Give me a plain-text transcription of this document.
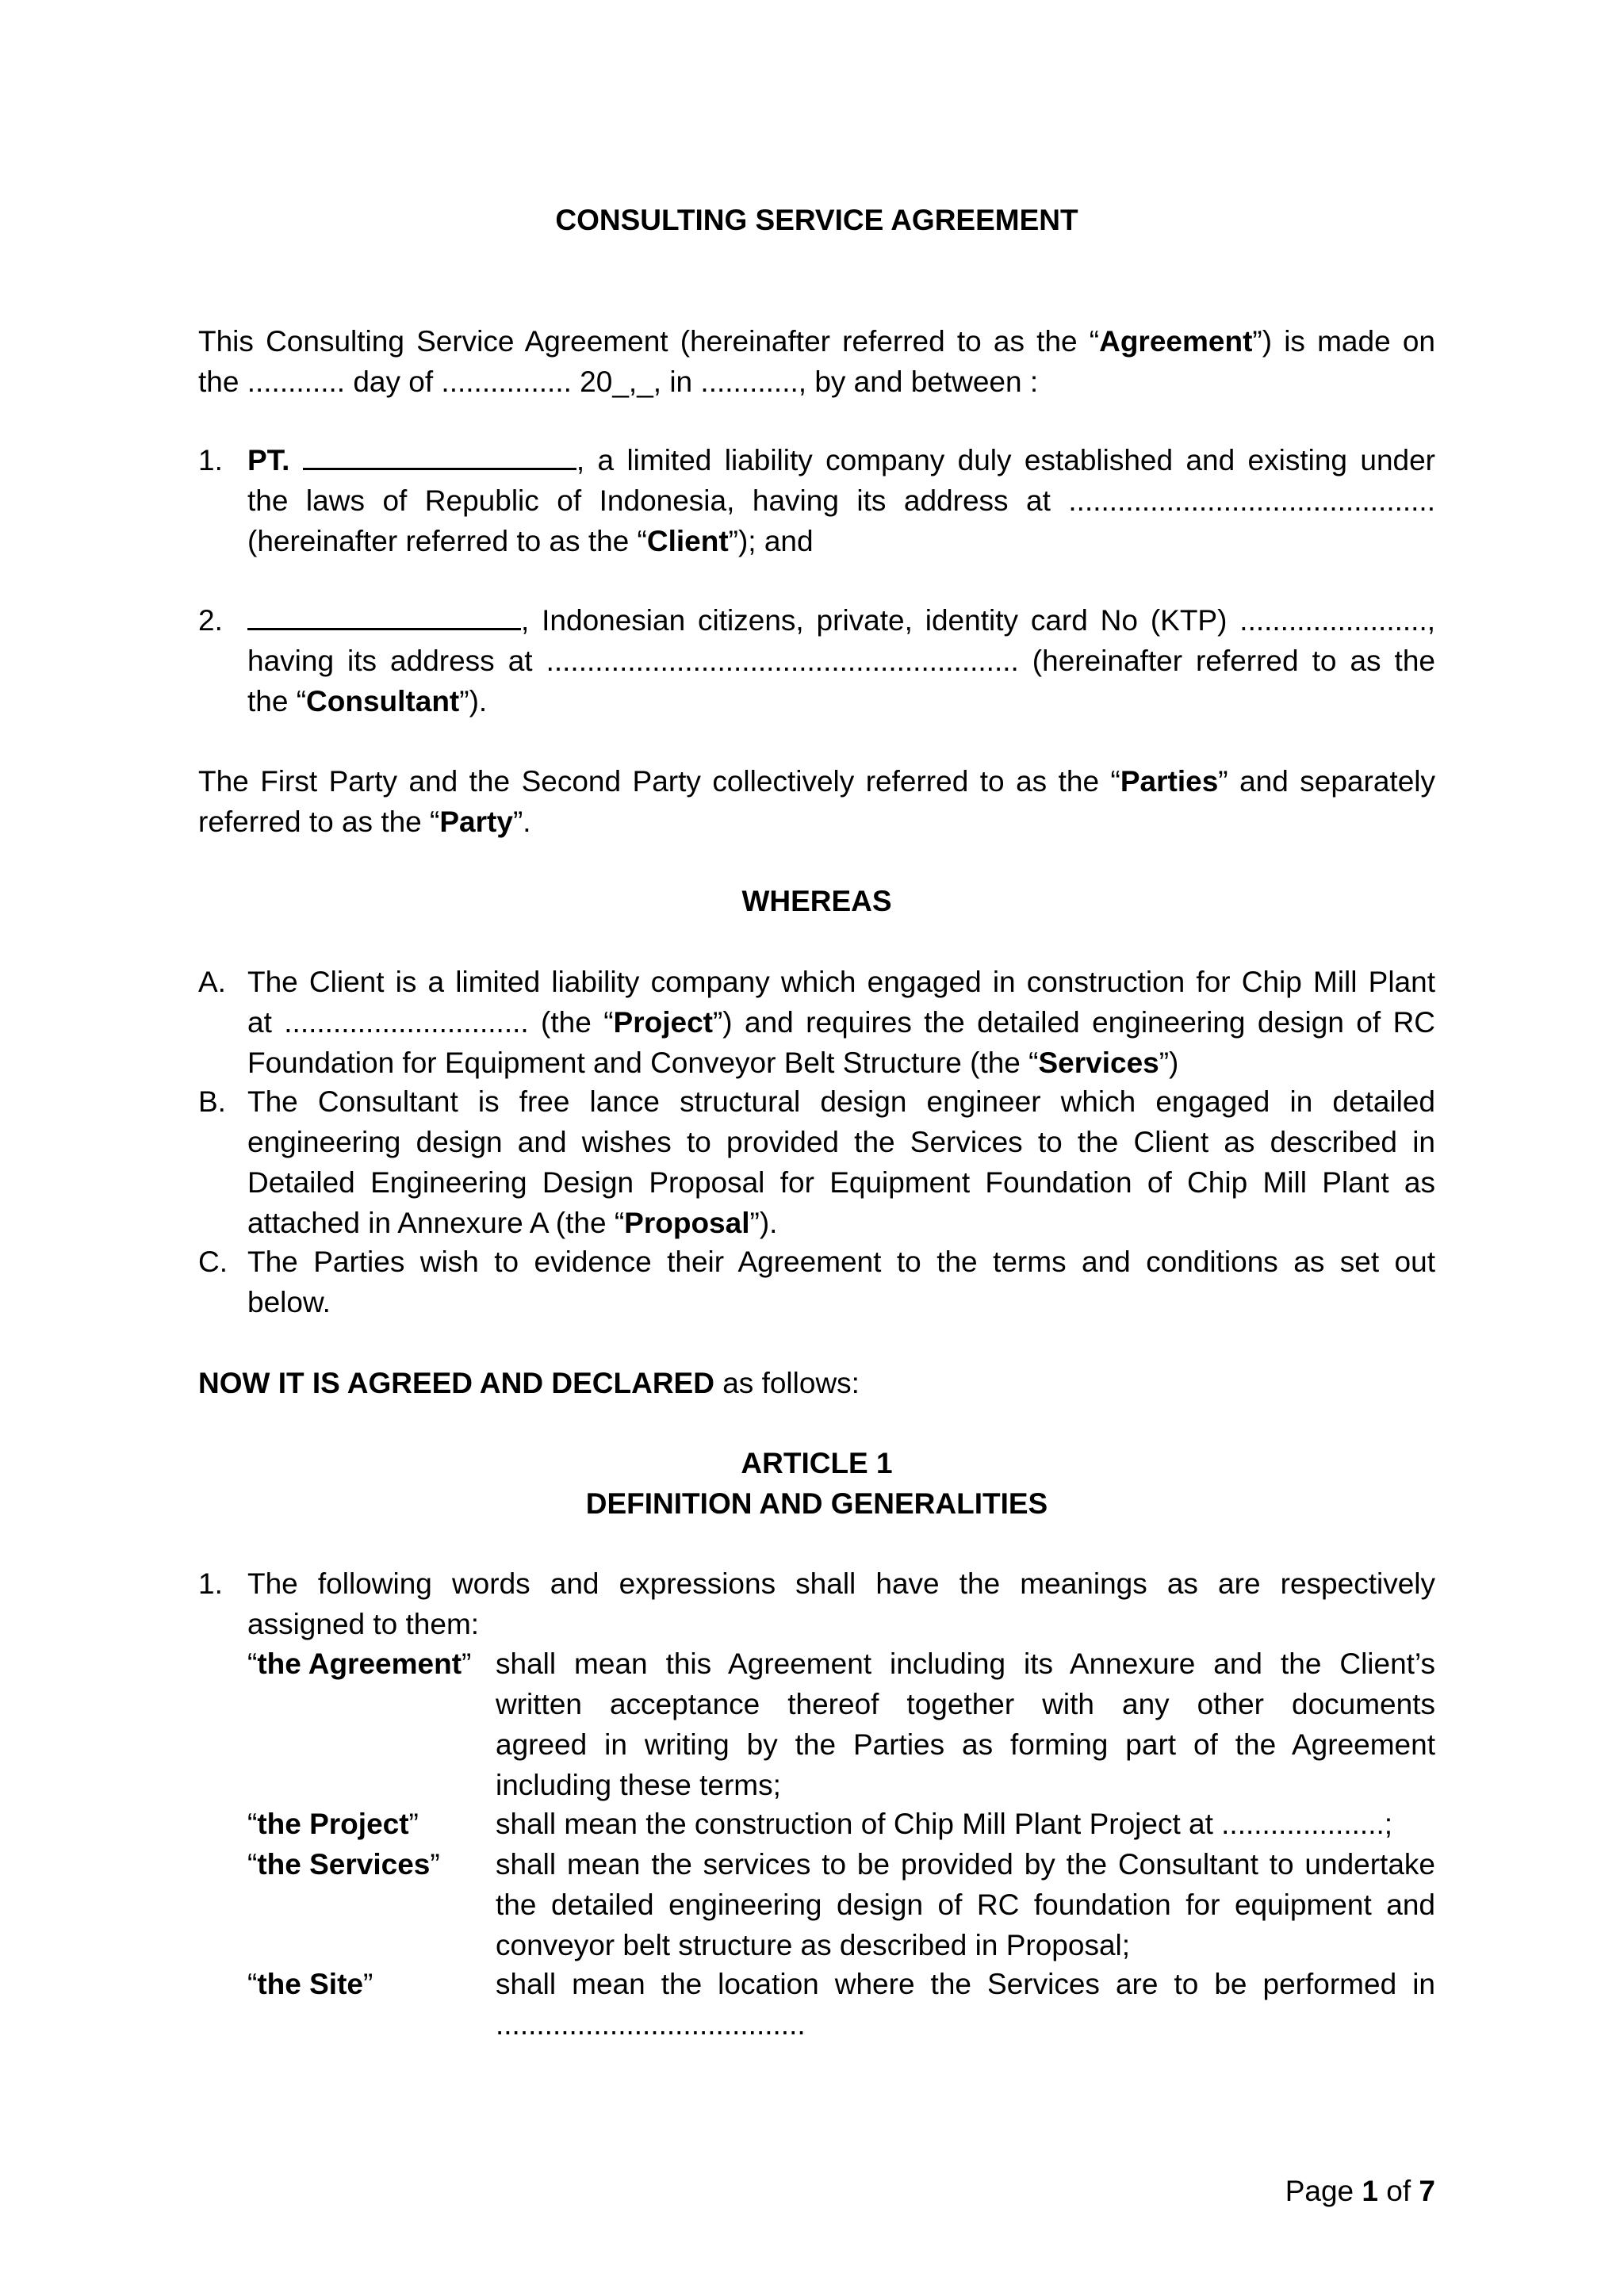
CONSULTING SERVICE AGREEMENT
This Consulting Service Agreement (hereinafter referred to as the “Agreement”) is made on
the ............ day of ................ 20_,_, in ............, by and between :
1. PT.	, a limited liability company duly established and existing under
the laws of Republic of Indonesia, having its address at .............................................
(hereinafter referred to as the “Client”); and
2.	, Indonesian citizens, private, identity card No (KTP) .......................,
having its address at .......................................................... (hereinafter referred to as the
the “Consultant”).
The First Party and the Second Party collectively referred to as the “Parties” and separately
referred to as the “Party”.
WHEREAS
A. The Client is a limited liability company which engaged in construction for Chip Mill Plant
at .............................. (the “Project”) and requires the detailed engineering design of RC
Foundation for Equipment and Conveyor Belt Structure (the “Services”)
B. The Consultant is free lance structural design engineer which engaged in detailed
engineering design and wishes to provided the Services to the Client as described in
Detailed Engineering Design Proposal for Equipment Foundation of Chip Mill Plant as
attached in Annexure A (the “Proposal”).
C. The Parties wish to evidence their Agreement to the terms and conditions as set out
below.
NOW IT IS AGREED AND DECLARED as follows:
ARTICLE 1
DEFINITION AND GENERALITIES
1. The following words and expressions shall have the meanings as are respectively
assigned to them:
“the Agreement” shall mean this Agreement including its Annexure and the Client’s
written acceptance thereof together with any other documents
agreed in writing by the Parties as forming part of the Agreement
including these terms;
“the Project”	shall mean the construction of Chip Mill Plant Project at ....................;
“the Services”	shall mean the services to be provided by the Consultant to undertake
the detailed engineering design of RC foundation for equipment and
conveyor belt structure as described in Proposal;
“the Site”	shall mean the location where the Services are to be performed in
......................................
Page 1 of 7
